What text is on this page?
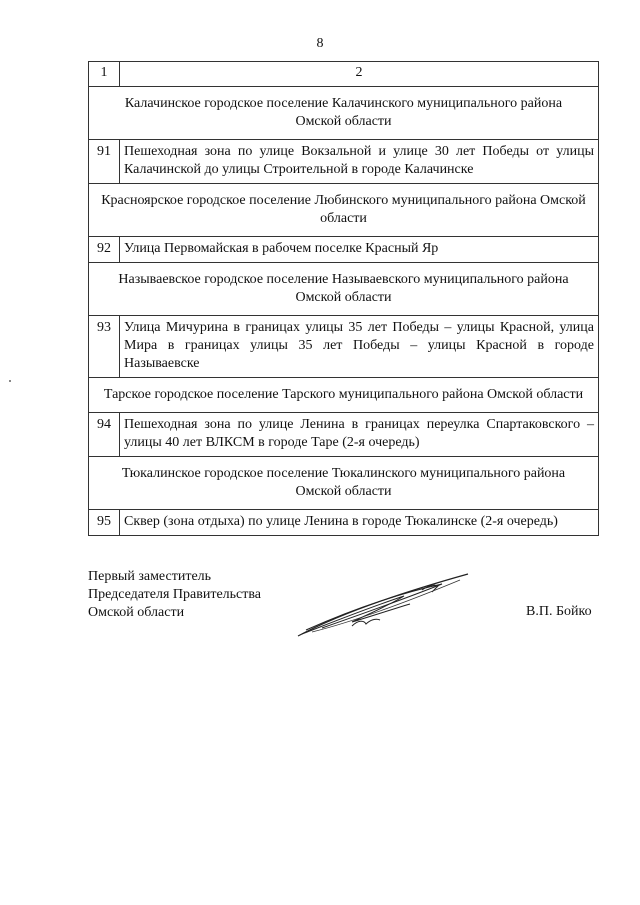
8
1	2
Калачинское городское поселение Калачинского муниципального района Омской области	
91	Пешеходная зона по улице Вокзальной и улице 30 лет Победы от улицы Калачинской до улицы Строительной в городе Калачинске
Красноярское городское поселение Любинского муниципального района Омской области	
92	Улица Первомайская в рабочем поселке Красный Яр
Называевское городское поселение Называевского муниципального района Омской области	
93	Улица Мичурина в границах улицы 35 лет Победы – улицы Красной, улица Мира в границах улицы 35 лет Победы – улицы Красной в городе Называевске
Тарское городское поселение Тарского муниципального района Омской области	
94	Пешеходная зона по улице Ленина в границах переулка Спартаковского – улицы 40 лет ВЛКСМ в городе Таре (2-я очередь)
Тюкалинское городское поселение Тюкалинского муниципального района Омской области	
95	Сквер (зона отдыха) по улице Ленина в городе Тюкалинске (2-я очередь)
Первый заместитель
Председателя Правительства
Омской области	В.П. Бойко
